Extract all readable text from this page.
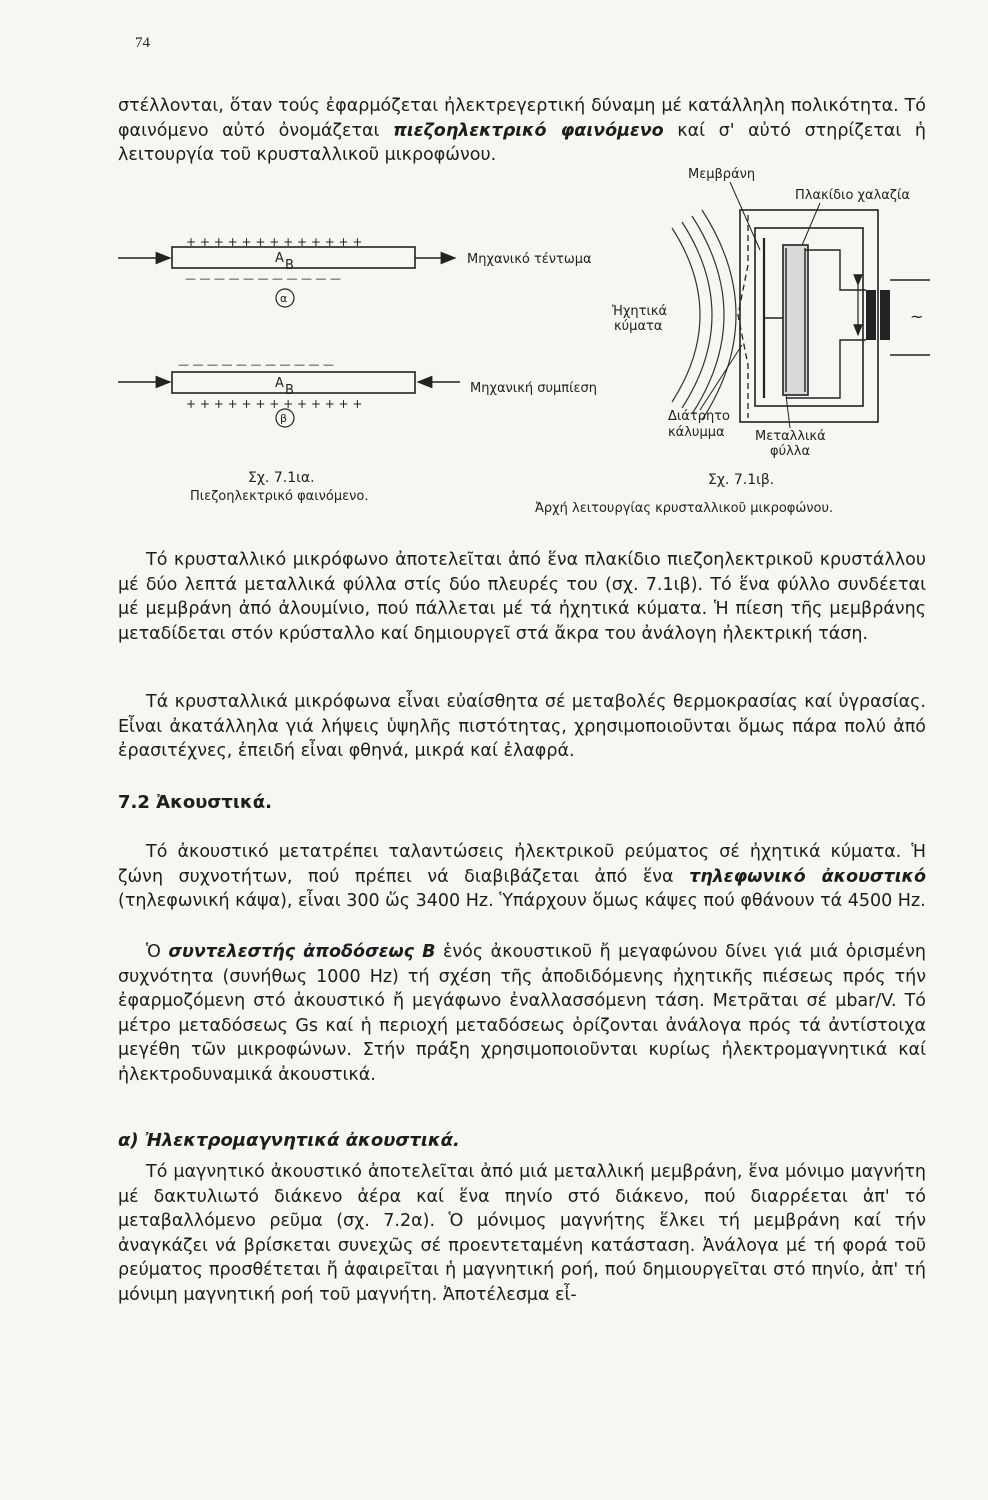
74

στέλλονται, ὅταν τούς ἐφαρμόζεται ἠλεκτρεγερτική δύναμη μέ κατάλληλη πολικότητα. Τό φαινόμενο αὐτό ὀνομάζεται πιεζοηλεκτρικό φαινόμενο καί σ' αὐτό στηρίζεται ἡ λειτουργία τοῦ κρυσταλλικοῦ μικροφώνου.

+ + + + + + + + + + + + +
A B
— — — — — — — — — — —
Μηχανικό τέντωμα
α
— — — — — — — — — — —
A B
+ + + + + + + + + + + + +
Μηχανική συμπίεση
β
Σχ. 7.1ια.
Πιεζοηλεκτρικό φαινόμενο.
Μεμβράνη
Πλακίδιο χαλαζία
Ἠχητικά
κύματα
~
Διάτρητο
κάλυμμα Μεταλλικά
φύλλα
Σχ. 7.1ιβ.
Ἀρχή λειτουργίας κρυσταλλικοῦ μικροφώνου.

Τό κρυσταλλικό μικρόφωνο ἀποτελεῖται ἀπό ἕνα πλακίδιο πιεζοηλεκτρικοῦ κρυστάλλου μέ δύο λεπτά μεταλλικά φύλλα στίς δύο πλευρές του (σχ. 7.1ιβ). Τό ἕνα φύλλο συνδέεται μέ μεμβράνη ἀπό ἀλουμίνιο, πού πάλλεται μέ τά ἠχητικά κύματα. Ἡ πίεση τῆς μεμβράνης μεταδίδεται στόν κρύσταλλο καί δημιουργεῖ στά ἄκρα του ἀνάλογη ἠλεκτρική τάση.

Τά κρυσταλλικά μικρόφωνα εἶναι εὐαίσθητα σέ μεταβολές θερμοκρασίας καί ὑγρασίας. Εἶναι ἀκατάλληλα γιά λήψεις ὑψηλῆς πιστότητας, χρησιμοποιοῦνται ὅμως πάρα πολύ ἀπό ἐρασιτέχνες, ἐπειδή εἶναι φθηνά, μικρά καί ἐλαφρά.

7.2 Ἀκουστικά.

Τό ἀκουστικό μετατρέπει ταλαντώσεις ἠλεκτρικοῦ ρεύματος σέ ἠχητικά κύματα. Ἡ ζώνη συχνοτήτων, πού πρέπει νά διαβιβάζεται ἀπό ἕνα τηλεφωνικό ἀκουστικό (τηλεφωνική κάψα), εἶναι 300 ὥς 3400 Hz. Ὑπάρχουν ὅμως κάψες πού φθάνουν τά 4500 Hz.

Ὁ συντελεστής ἀποδόσεως Β ἑνός ἀκουστικοῦ ἤ μεγαφώνου δίνει γιά μιά ὁρισμένη συχνότητα (συνήθως 1000 Hz) τή σχέση τῆς ἀποδιδόμενης ἠχητικῆς πιέσεως πρός τήν ἐφαρμοζόμενη στό ἀκουστικό ἤ μεγάφωνο ἐναλλασσόμενη τάση. Μετρᾶται σέ μbar/V. Τό μέτρο μεταδόσεως Gs καί ἡ περιοχή μεταδόσεως ὁρίζονται ἀνάλογα πρός τά ἀντίστοιχα μεγέθη τῶν μικροφώνων. Στήν πράξη χρησιμοποιοῦνται κυρίως ἠλεκτρομαγνητικά καί ἠλεκτροδυναμικά ἀκουστικά.

α) Ἠλεκτρομαγνητικά ἀκουστικά.

Τό μαγνητικό ἀκουστικό ἀποτελεῖται ἀπό μιά μεταλλική μεμβράνη, ἕνα μόνιμο μαγνήτη μέ δακτυλιωτό διάκενο ἀέρα καί ἕνα πηνίο στό διάκενο, πού διαρρέεται ἀπ' τό μεταβαλλόμενο ρεῦμα (σχ. 7.2α). Ὁ μόνιμος μαγνήτης ἕλκει τή μεμβράνη καί τήν ἀναγκάζει νά βρίσκεται συνεχῶς σέ προεντεταμένη κατάσταση. Ἀνάλογα μέ τή φορά τοῦ ρεύματος προσθέτεται ἤ ἀφαιρεῖται ἡ μαγνητική ροή, πού δημιουργεῖται στό πηνίο, ἀπ' τή μόνιμη μαγνητική ροή τοῦ μαγνήτη. Ἀποτέλεσμα εἶ-
